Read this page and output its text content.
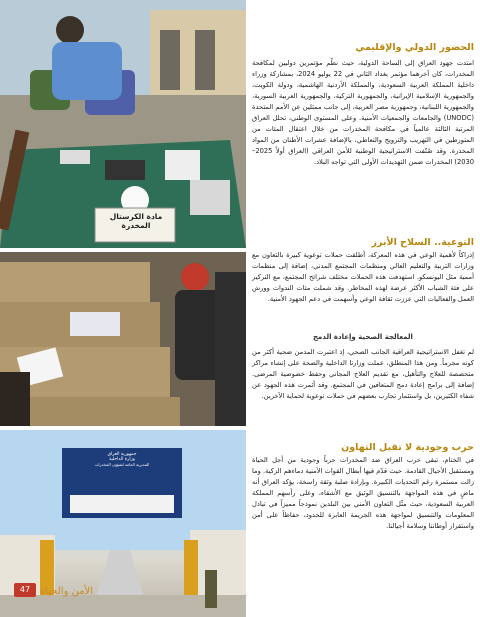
مادة الكرستال المخدرة
جمهورية العراق
وزارة الداخلية
المديرية العامة لشؤون المخدرات
مركز تأهيل مدمني ومتعاطي المخدرات
47 الأمن والحياة
الحضور الدولي والإقليمي
امتدت جهود العراق إلى الساحة الدولية، حيث نظّم مؤتمرين دوليين لمكافحة المخدرات، كان آخرهما مؤتمر بغداد الثاني في 22 يوليو 2024، بمشاركة وزراء داخلية المملكة العربية السعودية، والمملكة الأردنية الهاشمية، ودولة الكويت، والجمهورية الإسلامية الإيرانية، والجمهورية التركية، والجمهورية العربية السورية، والجمهورية اللبنانية، وجمهورية مصر العربية، إلى جانب ممثلين عن الأمم المتحدة (UNODC) والجامعات والجمعيات الأمنية. وعلى المستوى الوطني، تحلل العراق المرتبة الثالثة عالمياً في مكافحة المخدرات من خلال اعتقال المئات من المتورطين في التهريب والترويج والتعاطي، بالإضافة عشرات الأطنان من المواد المخدرة. وقد صُنّفت الاستراتيجية الوطنية للأمن العراقي (العراق أولاً 2025–2030) المخدرات ضمن التهديدات الأولى التي تواجه البلاد.
التوعية.. السلاح الأبرز
إدراكاً لأهمية الوعي في هذه المعركة، أطلقت حملات توعوية كبيرة بالتعاون مع وزارات التربية والتعليم العالي ومنظمات المجتمع المدني، إضافة إلى منظمات أممية مثل اليونسكو. استهدفت هذه الحملات مختلف شرائح المجتمع، مع التركيز على فئة الشباب الأكثر عرضة لهذه المخاطر. وقد شملت مئات الندوات وورش العمل والفعاليات التي عززت ثقافة الوعي وأسهمت في دعم الجهود الأمنية.
المعالجة الصحية وإعادة الدمج
لم تغفل الاستراتيجية العراقية الجانب الصحي، إذ اعتبرت المدمن ضحية أكثر من كونه مجرماً. ومن هذا المنطلق، عملت وزارتا الداخلية والصحة على إنشاء مراكز متخصصة للعلاج والتأهيل، مع تقديم العلاج المجاني وحفظ خصوصية المرضى. إضافة إلى برامج إعادة دمج المتعافين في المجتمع. وقد أثمرت هذه الجهود عن شفاء الكثيرين، بل واستثمار تجارب بعضهم في حملات توعوية لحماية الآخرين.
حرب وجودية لا تقبل التهاون
في الختام، تبقى حرب العراق ضد المخدرات حرباً وجودية من أجل الحياة ومستقبل الأجيال القادمة. حيث قدّم فيها أبطال القوات الأمنية دماءهم الزكية. وما زالت مستمرة رغم التحديات الكبيرة. وبإرادة صلبة وثقة راسخة، يؤكد العراق أنه ماضٍ في هذه المواجهة بالتنسيق الوثيق مع الأشقاء، وعلى رأسهم المملكة العربية السعودية، حيث مثّل التعاون الأمني بين البلدين نموذجاً مميزاً في تبادل المعلومات والتنسيق لمواجهة هذه الجريمة العابرة للحدود، حفاظاً على أمن واستقرار أوطاننا وسلامة أجيالنا.
